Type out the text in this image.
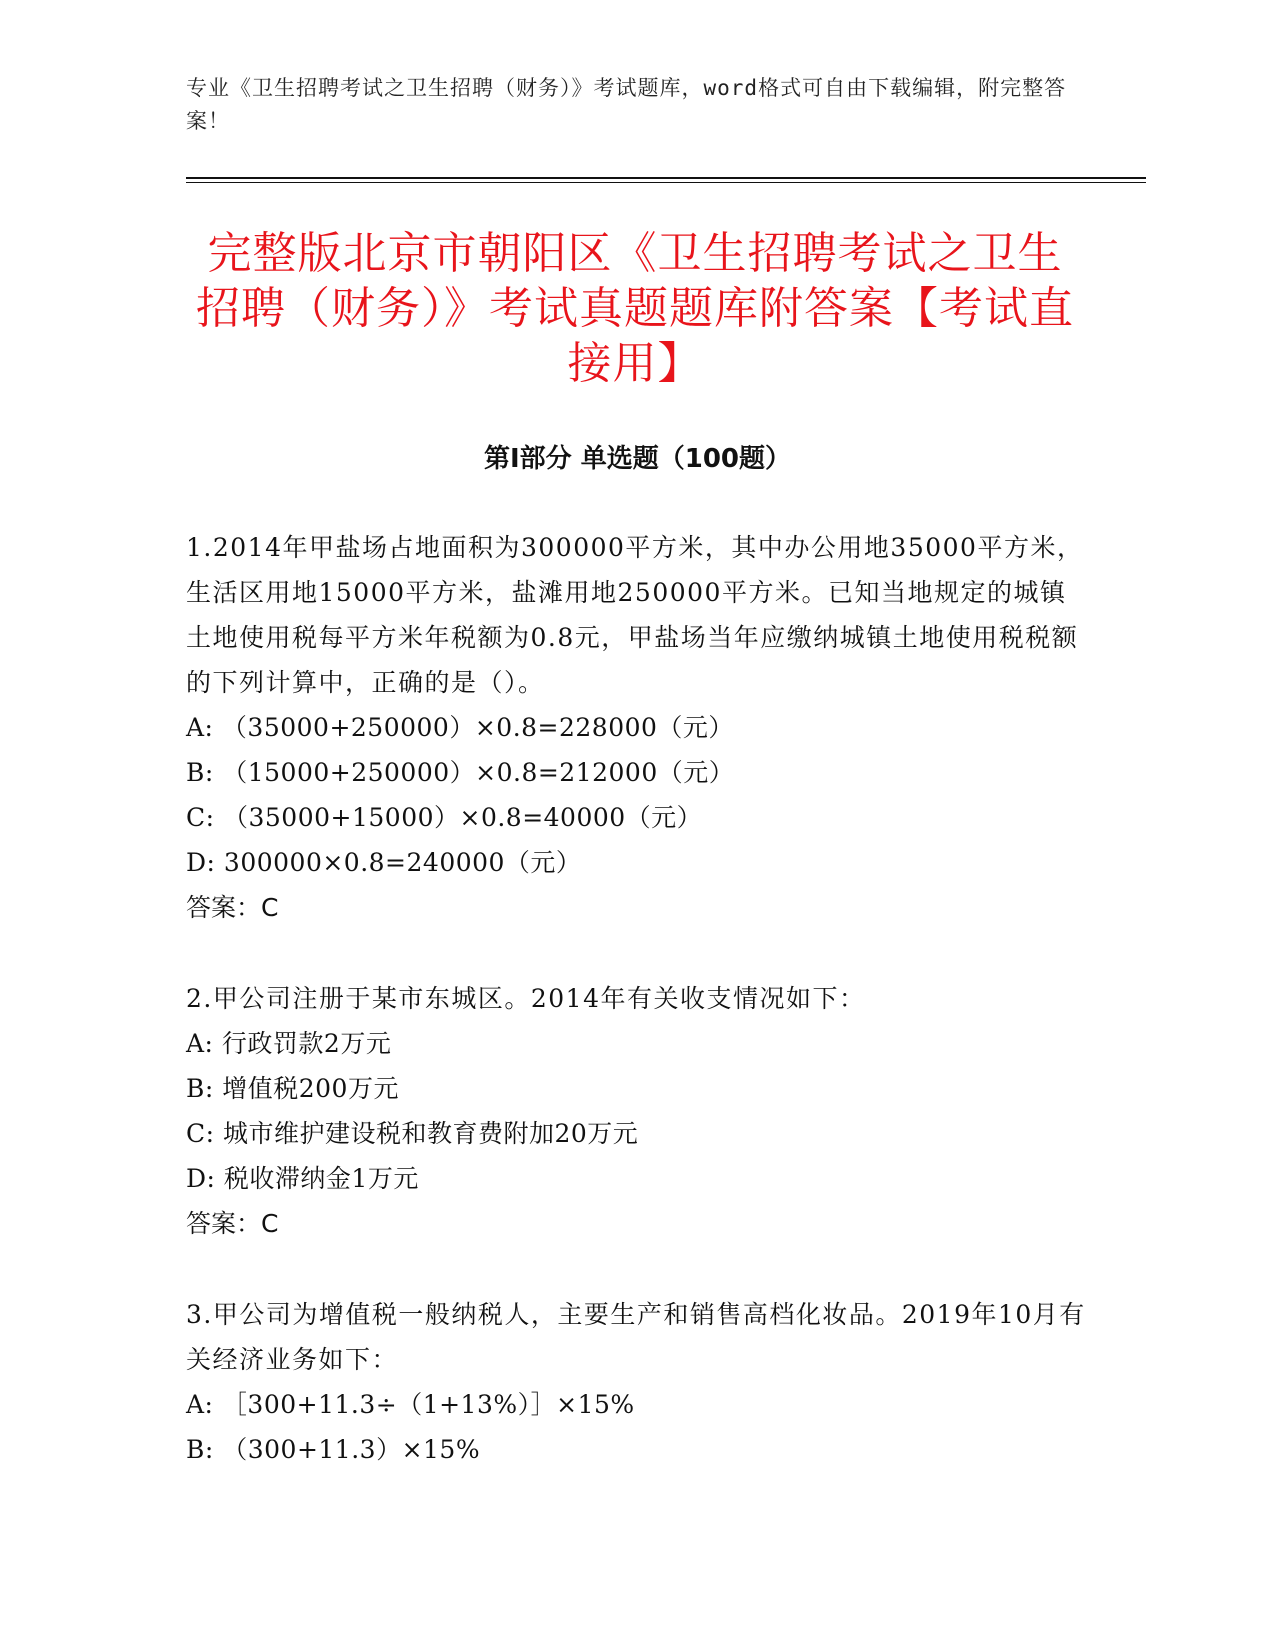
专业《卫生招聘考试之卫生招聘（财务）》考试题库，word格式可自由下载编辑，附完整答案！
完整版北京市朝阳区《卫生招聘考试之卫生招聘（财务）》考试真题题库附答案【考试直接用】
第Ⅰ部分 单选题（100题）

1.2014年甲盐场占地面积为300000平方米，其中办公用地35000平方米，生活区用地15000平方米，盐滩用地250000平方米。已知当地规定的城镇土地使用税每平方米年税额为0.8元，甲盐场当年应缴纳城镇土地使用税税额的下列计算中，正确的是（）。

A: （35000+250000）×0.8=228000（元）

B: （15000+250000）×0.8=212000（元）

C: （35000+15000）×0.8=40000（元）

D: 300000×0.8=240000（元）

答案：C

2.甲公司注册于某市东城区。2014年有关收支情况如下：

A: 行政罚款2万元

B: 增值税200万元

C: 城市维护建设税和教育费附加20万元

D: 税收滞纳金1万元

答案：C

3.甲公司为增值税一般纳税人，主要生产和销售高档化妆品。2019年10月有关经济业务如下：

A: ［300+11.3÷（1+13%）］×15%

B: （300+11.3）×15%
